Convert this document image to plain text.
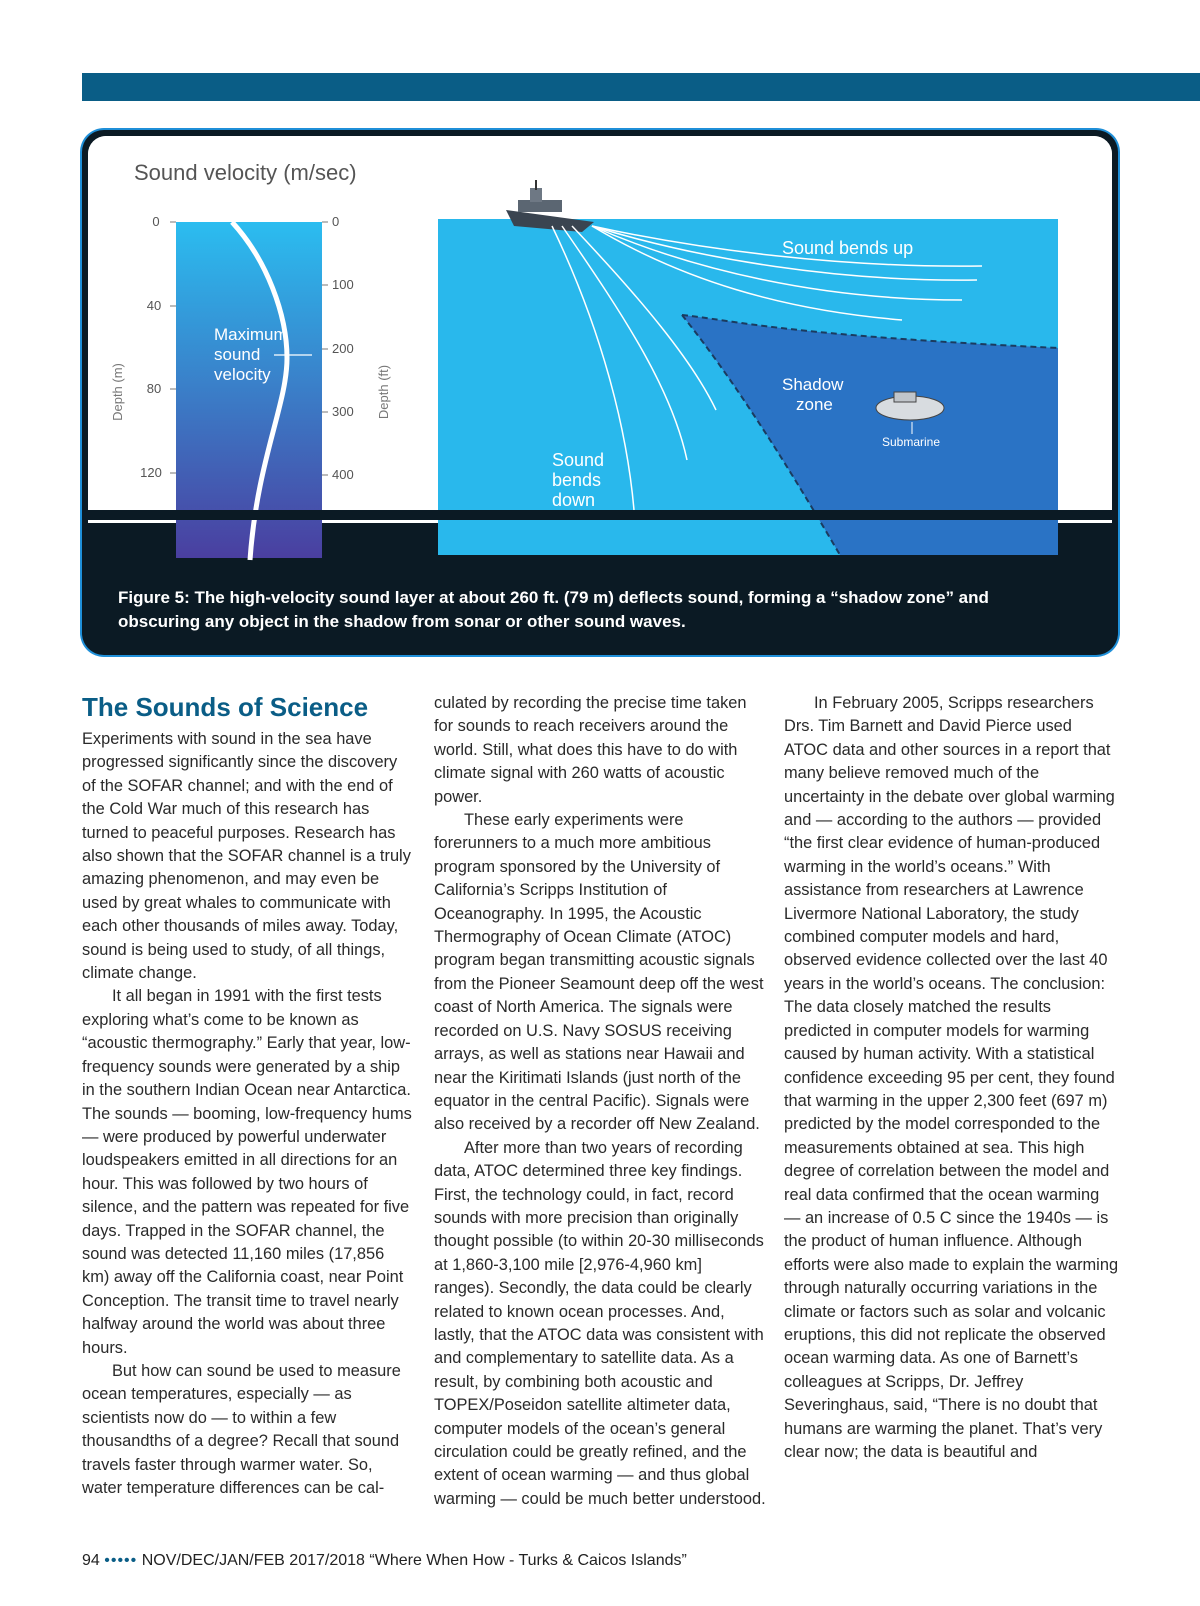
Sound velocity (m/sec)
0
40
80
120
Depth (m)
0
100
200
300
400
Depth (ft)
Maximum
sound
velocity
Sound bends up
Sound
bends
down
Shadow
zone
Submarine
Figure 5: The high-velocity sound layer at about 260 ft. (79 m) deflects sound, forming a “shadow zone” and obscuring any object in the shadow from sonar or other sound waves.
The Sounds of Science

Experiments with sound in the sea have progressed significantly since the discovery of the SOFAR channel; and with the end of the Cold War much of this research has turned to peaceful purposes. Research has also shown that the SOFAR channel is a truly amazing phenomenon, and may even be used by great whales to communicate with each other thousands of miles away. Today, sound is being used to study, of all things, climate change.

It all began in 1991 with the first tests exploring what’s come to be known as “acoustic thermography.” Early that year, low-frequency sounds were generated by a ship in the southern Indian Ocean near Antarctica. The sounds — booming, low-frequency hums — were produced by powerful underwater loudspeakers emitted in all directions for an hour. This was followed by two hours of silence, and the pattern was repeated for five days. Trapped in the SOFAR channel, the sound was detected 11,160 miles (17,856 km) away off the California coast, near Point Conception. The transit time to travel nearly halfway around the world was about three hours.

But how can sound be used to measure ocean temperatures, especially — as scientists now do — to within a few thousandths of a degree? Recall that sound travels faster through warmer water. So, water temperature differences can be cal-

culated by recording the precise time taken for sounds to reach receivers around the world. Still, what does this have to do with climate signal with 260 watts of acoustic power.

These early experiments were forerunners to a much more ambitious program sponsored by the University of California’s Scripps Institution of Oceanography. In 1995, the Acoustic Thermography of Ocean Climate (ATOC) program began transmitting acoustic signals from the Pioneer Seamount deep off the west coast of North America. The signals were recorded on U.S. Navy SOSUS receiving arrays, as well as stations near Hawaii and near the Kiritimati Islands (just north of the equator in the central Pacific). Signals were also received by a recorder off New Zealand.

After more than two years of recording data, ATOC determined three key findings. First, the technology could, in fact, record sounds with more precision than originally thought possible (to within 20-30 milliseconds at 1,860-3,100 mile [2,976-4,960 km] ranges). Secondly, the data could be clearly related to known ocean processes. And, lastly, that the ATOC data was consistent with and complementary to satellite data. As a result, by combining both acoustic and TOPEX/Poseidon satellite altimeter data, computer models of the ocean’s general circulation could be greatly refined, and the extent of ocean warming — and thus global warming — could be much better understood.

In February 2005, Scripps researchers Drs. Tim Barnett and David Pierce used ATOC data and other sources in a report that many believe removed much of the uncertainty in the debate over global warming and — according to the authors — provided “the first clear evidence of human-produced warming in the world’s oceans.” With assistance from researchers at Lawrence Livermore National Laboratory, the study combined computer models and hard, observed evidence collected over the last 40 years in the world’s oceans. The conclusion: The data closely matched the results predicted in computer models for warming caused by human activity. With a statistical confidence exceeding 95 per cent, they found that warming in the upper 2,300 feet (697 m) predicted by the model corresponded to the measurements obtained at sea. This high degree of correlation between the model and real data confirmed that the ocean warming — an increase of 0.5 C since the 1940s — is the product of human influence. Although efforts were also made to explain the warming through naturally occurring variations in the climate or factors such as solar and volcanic eruptions, this did not replicate the observed ocean warming data. As one of Barnett’s colleagues at Scripps, Dr. Jeffrey Severinghaus, said, “There is no doubt that humans are warming the planet. That’s very clear now; the data is beautiful and

94 ••••• NOV/DEC/JAN/FEB 2017/2018 “Where When How - Turks & Caicos Islands”
